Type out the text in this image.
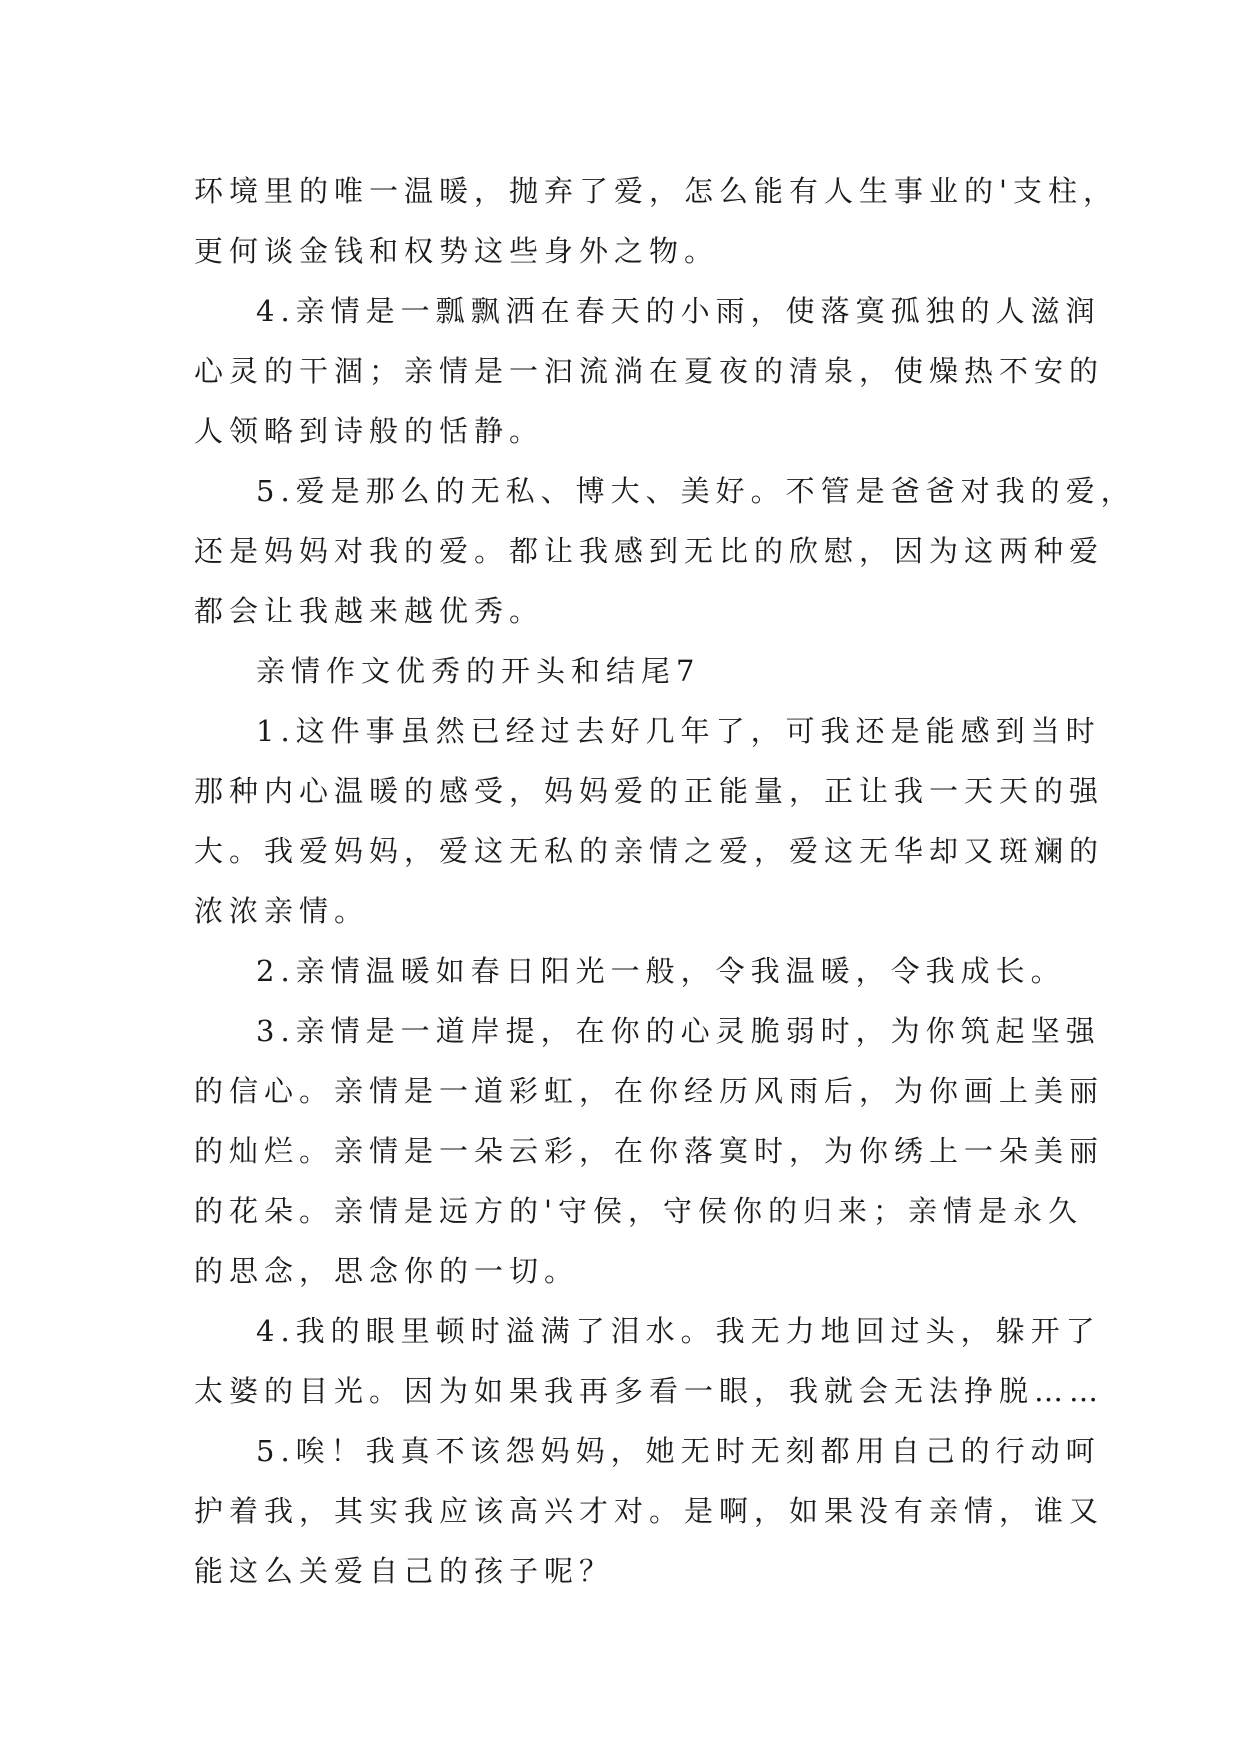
环境里的唯一温暖，抛弃了爱，怎么能有人生事业的'支柱，
更何谈金钱和权势这些身外之物。
4.亲情是一瓢飘洒在春天的小雨，使落寞孤独的人滋润
心灵的干涸；亲情是一汩流淌在夏夜的清泉，使燥热不安的
人领略到诗般的恬静。
5.爱是那么的无私、博大、美好。不管是爸爸对我的爱，
还是妈妈对我的爱。都让我感到无比的欣慰，因为这两种爱
都会让我越来越优秀。
亲情作文优秀的开头和结尾7
1.这件事虽然已经过去好几年了，可我还是能感到当时
那种内心温暖的感受，妈妈爱的正能量，正让我一天天的强
大。我爱妈妈，爱这无私的亲情之爱，爱这无华却又斑斓的
浓浓亲情。
2.亲情温暖如春日阳光一般，令我温暖，令我成长。
3.亲情是一道岸提，在你的心灵脆弱时，为你筑起坚强
的信心。亲情是一道彩虹，在你经历风雨后，为你画上美丽
的灿烂。亲情是一朵云彩，在你落寞时，为你绣上一朵美丽
的花朵。亲情是远方的'守侯，守侯你的归来；亲情是永久
的思念，思念你的一切。
4.我的眼里顿时溢满了泪水。我无力地回过头，躲开了
太婆的目光。因为如果我再多看一眼，我就会无法挣脱……
5.唉！我真不该怨妈妈，她无时无刻都用自己的行动呵
护着我，其实我应该高兴才对。是啊，如果没有亲情，谁又
能这么关爱自己的孩子呢？
